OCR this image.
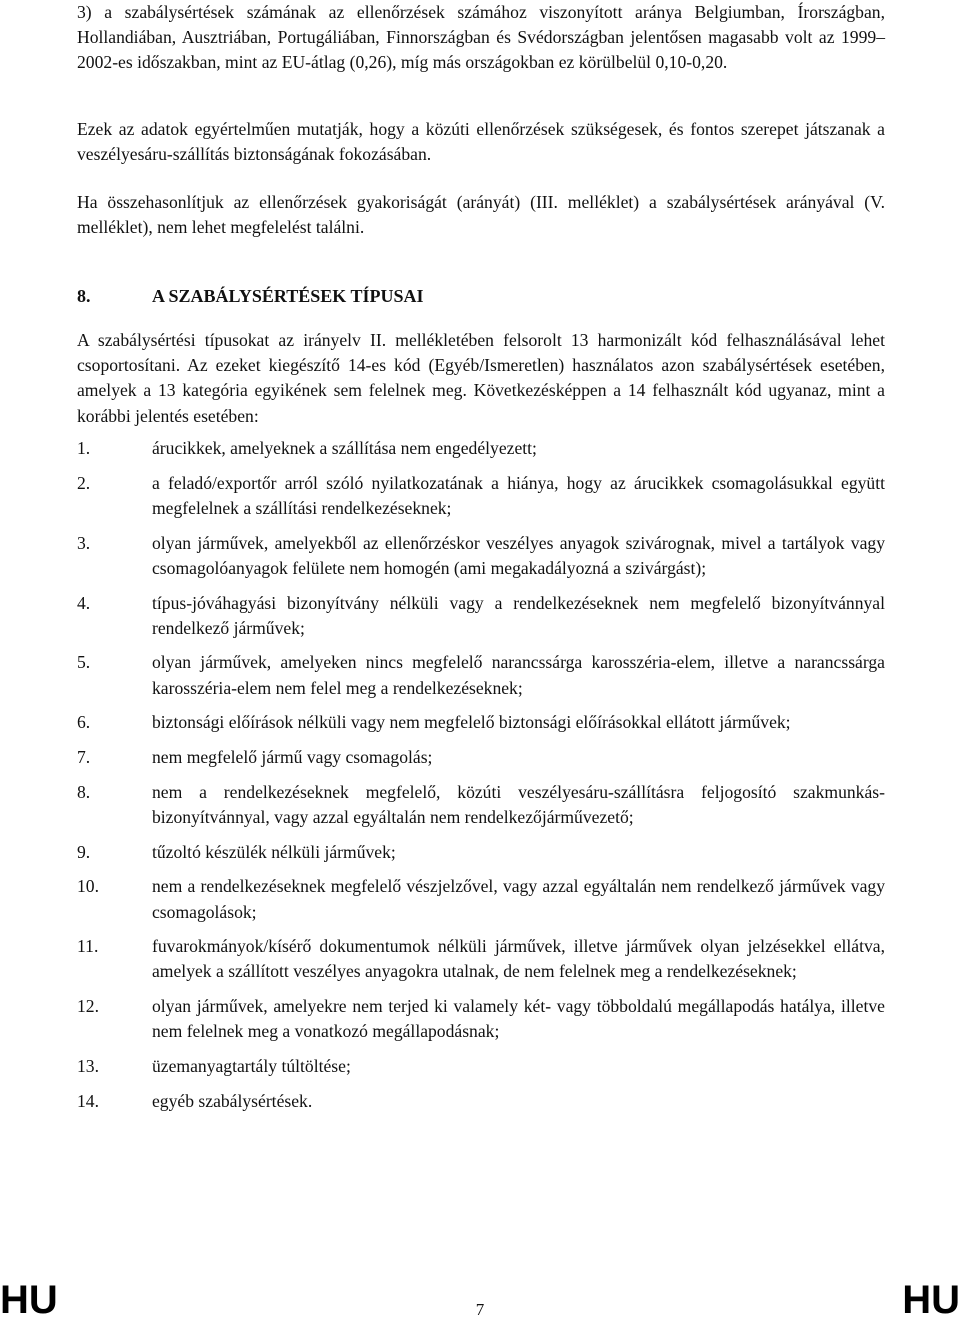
3) a szabálysértések számának az ellenőrzések számához viszonyított aránya Belgiumban, Írországban, Hollandiában, Ausztriában, Portugáliában, Finnországban és Svédországban jelentősen magasabb volt az 1999–2002-es időszakban, mint az EU-átlag (0,26), míg más országokban ez körülbelül 0,10-0,20.

Ezek az adatok egyértelműen mutatják, hogy a közúti ellenőrzések szükségesek, és fontos szerepet játszanak a veszélyesáru-szállítás biztonságának fokozásában.

Ha összehasonlítjuk az ellenőrzések gyakoriságát (arányát) (III. melléklet) a szabálysértések arányával (V. melléklet), nem lehet megfelelést találni.

8.	A SZABÁLYSÉRTÉSEK TÍPUSAI

A szabálysértési típusokat az irányelv II. mellékletében felsorolt 13 harmonizált kód felhasználásával lehet csoportosítani. Az ezeket kiegészítő 14-es kód (Egyéb/Ismeretlen) használatos azon szabálysértések esetében, amelyek a 13 kategória egyikének sem felelnek meg. Következésképpen a 14 felhasznált kód ugyanaz, mint a korábbi jelentés esetében:

1.	árucikkek, amelyeknek a szállítása nem engedélyezett;
2.	a feladó/exportőr arról szóló nyilatkozatának a hiánya, hogy az árucikkek csomagolásukkal együtt megfelelnek a szállítási rendelkezéseknek;
3.	olyan járművek, amelyekből az ellenőrzéskor veszélyes anyagok szivárognak, mivel a tartályok vagy csomagolóanyagok felülete nem homogén (ami megakadályozná a szivárgást);
4.	típus-jóváhagyási bizonyítvány nélküli vagy a rendelkezéseknek nem megfelelő bizonyítvánnyal rendelkező járművek;
5.	olyan járművek, amelyeken nincs megfelelő narancssárga karosszéria-elem, illetve a narancssárga karosszéria-elem nem felel meg a rendelkezéseknek;
6.	biztonsági előírások nélküli vagy nem megfelelő biztonsági előírásokkal ellátott járművek;
7.	nem megfelelő jármű vagy csomagolás;
8.	nem a rendelkezéseknek megfelelő, közúti veszélyesáru-szállításra feljogosító szakmunkás-bizonyítvánnyal, vagy azzal egyáltalán nem rendelkezőjárművezető;
9.	tűzoltó készülék nélküli járművek;
10.	nem a rendelkezéseknek megfelelő vészjelzővel, vagy azzal egyáltalán nem rendelkező járművek vagy csomagolások;
11.	fuvarokmányok/kísérő dokumentumok nélküli járművek, illetve járművek olyan jelzésekkel ellátva, amelyek a szállított veszélyes anyagokra utalnak, de nem felelnek meg a rendelkezéseknek;
12.	olyan járművek, amelyekre nem terjed ki valamely két- vagy többoldalú megállapodás hatálya, illetve nem felelnek meg a vonatkozó megállapodásnak;
13.	üzemanyagtartály túltöltése;
14.	egyéb szabálysértések.
HU	7	HU
